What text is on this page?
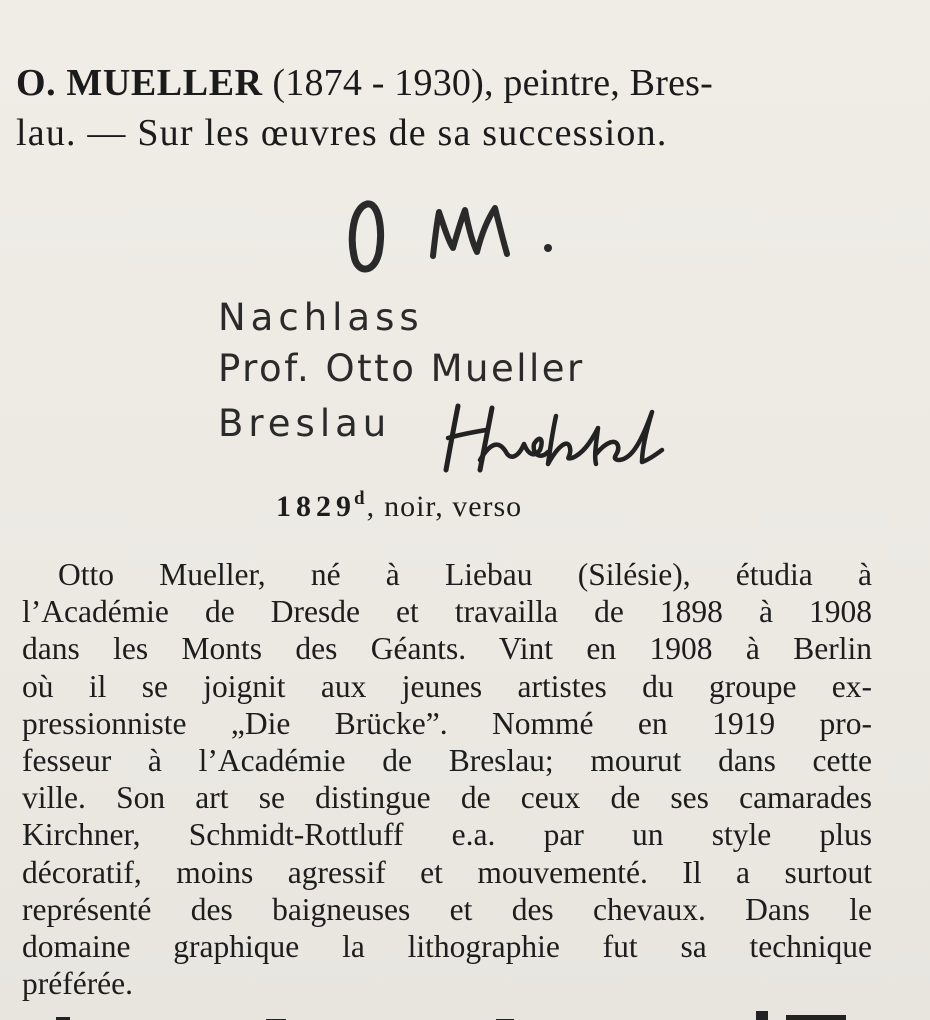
O. MUELLER (1874 - 1930), peintre, Bres-
lau. — Sur les œuvres de sa succession.
Nachlass
Prof. Otto Mueller
Breslau
1829$^d$, noir, verso
Otto Mueller, né à Liebau (Silésie), étudia à
l’Académie de Dresde et travailla de 1898 à 1908
dans les Monts des Géants. Vint en 1908 à Berlin
où il se joignit aux jeunes artistes du groupe ex-
pressionniste „Die Brücke”. Nommé en 1919 pro-
fesseur à l’Académie de Breslau; mourut dans cette
ville. Son art se distingue de ceux de ses camarades
Kirchner, Schmidt-Rottluff e.a. par un style plus
décoratif, moins agressif et mouvementé. Il a surtout
représenté des baigneuses et des chevaux. Dans le
domaine graphique la lithographie fut sa technique
préférée.
